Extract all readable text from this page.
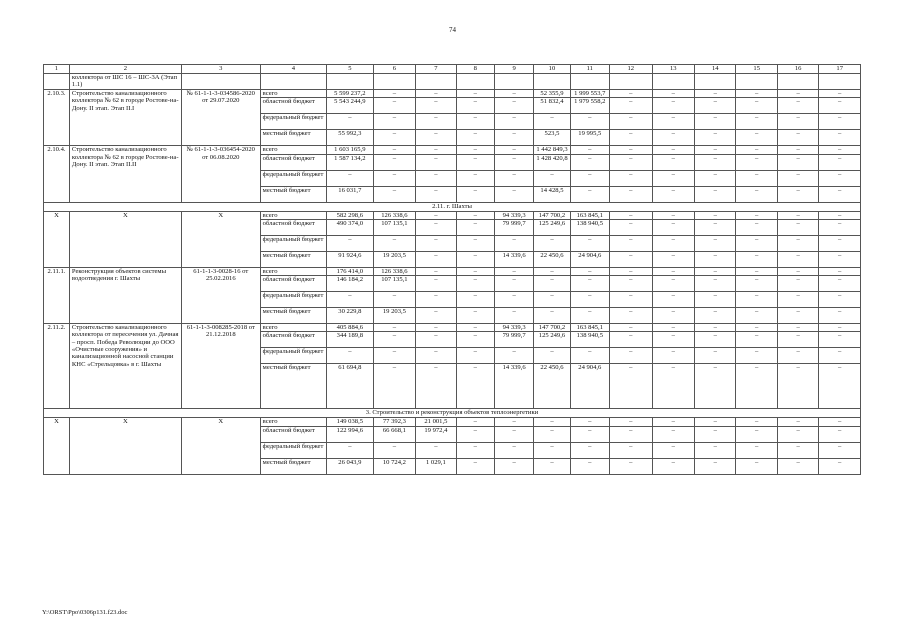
74
1	2	3	4	5	6	7	8	9	10	11	12	13	14	15	16	17
	коллектора от ШС 16 – ШС-3А (Этап 1.1)															
2.10.3.	Строительство канализационного коллектора № 62 в городе Ростове-на-Дону. II этап. Этап II.I	№ 61-1-1-3-034586-2020 от 29.07.2020	всего	5 599 237,2	–	–	–	–	52 355,9	1 999 553,7	–	–	–	–	–	–
			областной бюджет	5 543 244,9	–	–	–	–	51 832,4	1 979 558,2	–	–	–	–	–	–
			федеральный бюджет	–	–	–	–	–	–	–	–	–	–	–	–	–
			местный бюджет	55 992,3	–	–	–	–	523,5	19 995,5	–	–	–	–	–	–
2.10.4.	Строительство канализационного коллектора № 62 в городе Ростове-на-Дону. II этап. Этап II.II	№ 61-1-1-3-036454-2020 от 06.08.2020	всего	1 603 165,9	–	–	–	–	1 442 849,3	–	–	–	–	–	–	–
			областной бюджет	1 587 134,2	–	–	–	–	1 428 420,8	–	–	–	–	–	–	–
			федеральный бюджет	–	–	–	–	–	–	–	–	–	–	–	–	–
			местный бюджет	16 031,7	–	–	–	–	14 428,5	–	–	–	–	–	–	–
2.11. г. Шахты																
Х	Х	Х	всего	582 298,6	126 338,6	–	–	94 339,3	147 700,2	163 845,1	–	–	–	–	–	–
			областной бюджет	490 374,0	107 135,1	–	–	79 999,7	125 249,6	138 940,5	–	–	–	–	–	–
			федеральный бюджет	–	–	–	–	–	–	–	–	–	–	–	–	–
			местный бюджет	91 924,6	19 203,5	–	–	14 339,6	22 450,6	24 904,6	–	–	–	–	–	–
2.11.1.	Реконструкция объектов системы водоотведения г. Шахты	61-1-1-3-0028-16 от 25.02.2016	всего	176 414,0	126 338,6	–	–	–	–	–	–	–	–	–	–	–
			областной бюджет	146 184,2	107 135,1	–	–	–	–	–	–	–	–	–	–	–
			федеральный бюджет	–	–	–	–	–	–	–	–	–	–	–	–	–
			местный бюджет	30 229,8	19 203,5	–	–	–	–	–	–	–	–	–	–	–
2.11.2.	Строительство канализационного коллектора от пересечения ул. Дачная – просп. Победа Революции до ООО «Очистные сооружения» и канализационной насосной станции КНС «Стрельцовка» в г. Шахты	61-1-1-3-008285-2018 от 21.12.2018	всего	405 884,6	–	–	–	94 339,3	147 700,2	163 845,1	–	–	–	–	–	–
			областной бюджет	344 189,8	–	–	–	79 999,7	125 249,6	138 940,5	–	–	–	–	–	–
			федеральный бюджет	–	–	–	–	–	–	–	–	–	–	–	–	–
			местный бюджет	61 694,8	–	–	–	14 339,6	22 450,6	24 904,6	–	–	–	–	–	–
3. Строительство и реконструкция объектов теплоэнергетики																
Х	Х	Х	всего	149 038,5	77 392,3	21 001,5	–	–	–	–	–	–	–	–	–	–
			областной бюджет	122 994,6	66 668,1	19 972,4	–	–	–	–	–	–	–	–	–	–
			федеральный бюджет	–	–	–	–	–	–	–	–	–	–	–	–	–
			местный бюджет	26 043,9	10 724,2	1 029,1	–	–	–	–	–	–	–	–	–	–
Y:\ORST\Ppo\0306p131.f23.doc
